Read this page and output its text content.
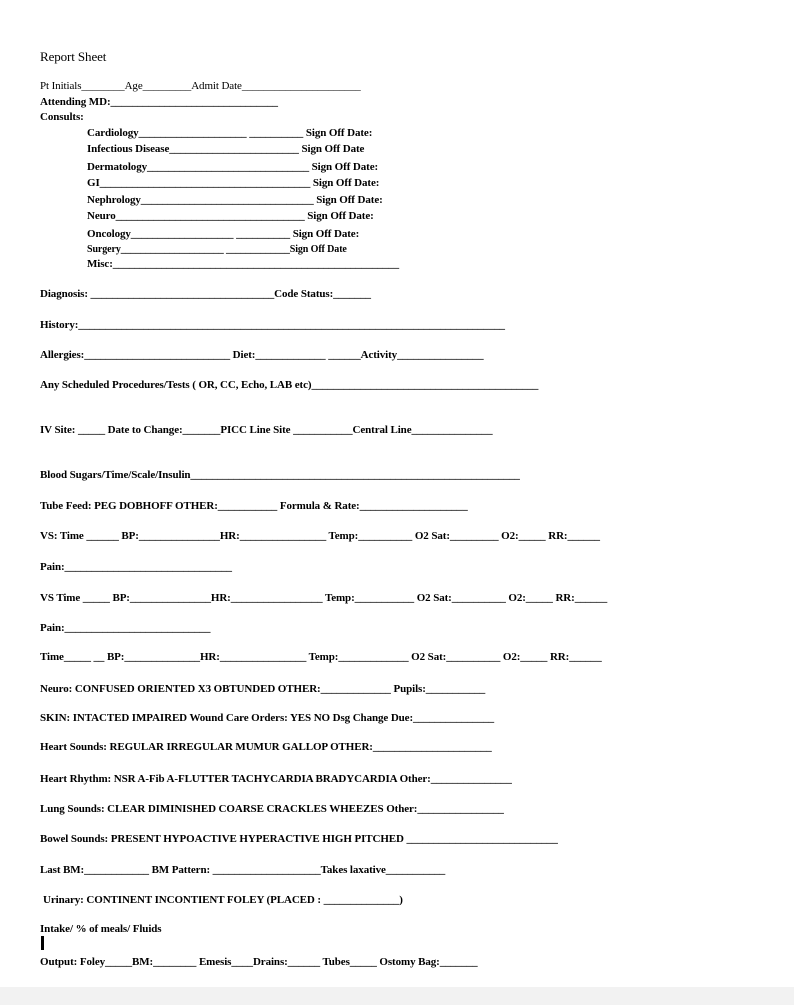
Report Sheet
Pt Initials________Age_________Admit Date______________________
Attending MD:_______________________________
Consults:
Cardiology____________________ __________ Sign Off Date:
Infectious Disease________________________ Sign Off Date
Dermatology______________________________ Sign Off Date:
GI_______________________________________ Sign Off Date:
Nephrology________________________________ Sign Off Date:
Neuro___________________________________ Sign Off Date:
Oncology___________________ __________ Sign Off Date:
Surgery_____________________ _____________Sign Off Date
Misc:_____________________________________________________
Diagnosis: __________________________________Code Status:_______
History:_______________________________________________________________________________
Allergies:___________________________ Diet:_____________ ______Activity________________
Any Scheduled Procedures/Tests ( OR, CC, Echo, LAB etc)__________________________________________
IV Site: _____ Date to Change:_______PICC Line Site ___________Central Line_______________
Blood Sugars/Time/Scale/Insulin_____________________________________________________________
Tube Feed: PEG DOBHOFF OTHER:___________ Formula & Rate:____________________
VS: Time ______ BP:_______________HR:________________ Temp:__________ O2 Sat:_________ O2:_____ RR:______
Pain:_______________________________
VS Time _____ BP:_______________HR:_________________ Temp:___________ O2 Sat:__________ O2:_____ RR:______
Pain:___________________________
Time_____ __ BP:______________HR:________________ Temp:_____________ O2 Sat:__________ O2:_____ RR:______
Neuro: CONFUSED ORIENTED X3 OBTUNDED OTHER:_____________ Pupils:___________
SKIN: INTACTED IMPAIRED Wound Care Orders: YES NO Dsg Change Due:_______________
Heart Sounds: REGULAR IRREGULAR MUMUR GALLOP OTHER:______________________
Heart Rhythm: NSR A-Fib A-FLUTTER TACHYCARDIA BRADYCARDIA Other:_______________
Lung Sounds: CLEAR DIMINISHED COARSE CRACKLES WHEEZES Other:________________
Bowel Sounds: PRESENT HYPOACTIVE HYPERACTIVE HIGH PITCHED ____________________________
Last BM:____________ BM Pattern: ____________________Takes laxative___________
Urinary: CONTINENT INCONTIENT FOLEY (PLACED : ______________)
Intake/ % of meals/ Fluids
Output: Foley_____BM:________ Emesis____Drains:______ Tubes_____ Ostomy Bag:_______
